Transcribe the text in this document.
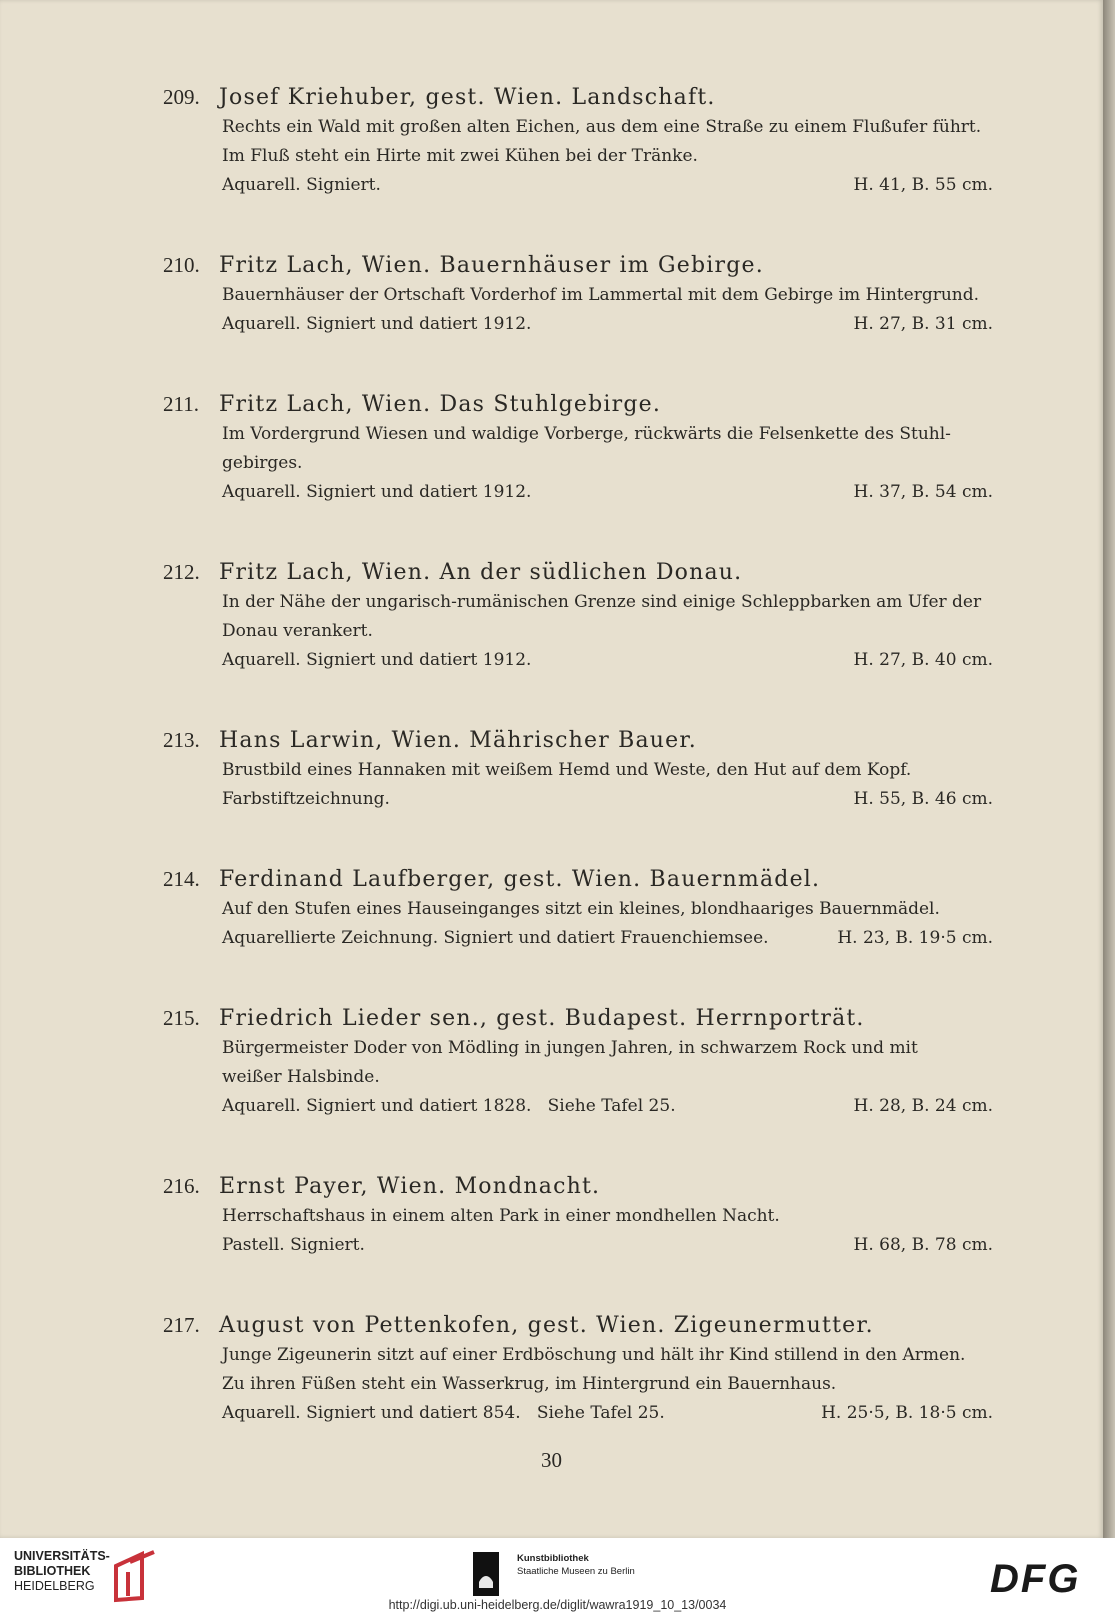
209. Josef Kriehuber, gest. Wien. Landschaft.
Rechts ein Wald mit großen alten Eichen, aus dem eine Straße zu einem Flußufer führt.
Im Fluß steht ein Hirte mit zwei Kühen bei der Tränke.
Aquarell. Signiert.	H. 41, B. 55 cm.
210. Fritz Lach, Wien. Bauernhäuser im Gebirge.
Bauernhäuser der Ortschaft Vorderhof im Lammertal mit dem Gebirge im Hintergrund.
Aquarell. Signiert und datiert 1912.	H. 27, B. 31 cm.
211. Fritz Lach, Wien. Das Stuhlgebirge.
Im Vordergrund Wiesen und waldige Vorberge, rückwärts die Felsenkette des Stuhl-
gebirges.
Aquarell. Signiert und datiert 1912.	H. 37, B. 54 cm.
212. Fritz Lach, Wien. An der südlichen Donau.
In der Nähe der ungarisch-rumänischen Grenze sind einige Schleppbarken am Ufer der
Donau verankert.
Aquarell. Signiert und datiert 1912.	H. 27, B. 40 cm.
213. Hans Larwin, Wien. Mährischer Bauer.
Brustbild eines Hannaken mit weißem Hemd und Weste, den Hut auf dem Kopf.
Farbstiftzeichnung.	H. 55, B. 46 cm.
214. Ferdinand Laufberger, gest. Wien. Bauernmädel.
Auf den Stufen eines Hauseinganges sitzt ein kleines, blondhaariges Bauernmädel.
Aquarellierte Zeichnung. Signiert und datiert Frauenchiemsee.	H. 23, B. 19·5 cm.
215. Friedrich Lieder sen., gest. Budapest. Herrnporträt.
Bürgermeister Doder von Mödling in jungen Jahren, in schwarzem Rock und mit
weißer Halsbinde.
Aquarell. Signiert und datiert 1828.   Siehe Tafel 25.	H. 28, B. 24 cm.
216. Ernst Payer, Wien. Mondnacht.
Herrschaftshaus in einem alten Park in einer mondhellen Nacht.
Pastell. Signiert.	H. 68, B. 78 cm.
217. August von Pettenkofen, gest. Wien. Zigeunermutter.
Junge Zigeunerin sitzt auf einer Erdböschung und hält ihr Kind stillend in den Armen.
Zu ihren Füßen steht ein Wasserkrug, im Hintergrund ein Bauernhaus.
Aquarell. Signiert und datiert 854.   Siehe Tafel 25.	H. 25·5, B. 18·5 cm.
30
UNIVERSITÄTS-
BIBLIOTHEK
HEIDELBERG
Kunstbibliothek
Staatliche Museen zu Berlin	DFG
http://digi.ub.uni-heidelberg.de/diglit/wawra1919_10_13/0034
